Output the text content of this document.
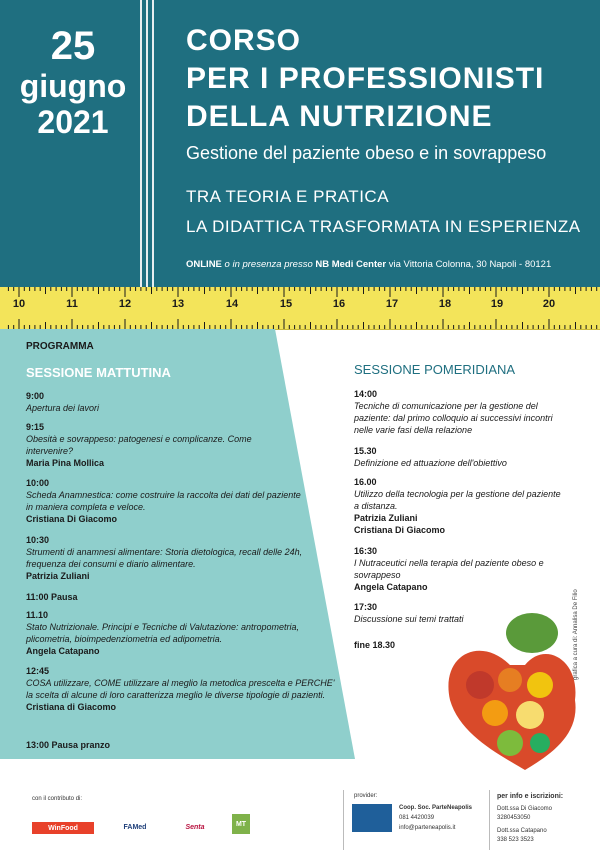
25
giugno
2021
CORSO
PER I PROFESSIONISTI
DELLA NUTRIZIONE
Gestione del paziente obeso e in sovrappeso
TRA TEORIA E PRATICA
LA DIDATTICA TRASFORMATA IN ESPERIENZA
ONLINE o in presenza presso NB Medi Center via Vittoria Colonna, 30 Napoli - 80121
10	11	12	13	14	15	16	17	18	19	20
PROGRAMMA
SESSIONE MATTUTINA	SESSIONE POMERIDIANA
9:00
Apertura dei lavori
9:15
Obesità e sovrappeso: patogenesi e complicanze. Come intervenire?
Maria Pina Mollica
10:00
Scheda Anamnestica: come costruire la raccolta dei dati del paziente in maniera completa e veloce.
Cristiana Di Giacomo
10:30
Strumenti di anamnesi alimentare: Storia dietologica, recall delle 24h, frequenza dei consumi e diario alimentare.
Patrizia Zuliani
11:00 Pausa
11.10
Stato Nutrizionale. Principi e Tecniche di Valutazione: antropometria, plicometria, bioimpedenziometria ed adipometria.
Angela Catapano
12:45
COSA utilizzare, COME utilizzare al meglio la metodica prescelta e PERCHE' la scelta di alcune di loro caratterizza meglio le diverse tipologie di pazienti.
Cristiana di Giacomo
13:00 Pausa pranzo
14:00
Tecniche di comunicazione per la gestione del paziente: dal primo colloquio ai successivi incontri nelle varie fasi della relazione
15.30
Definizione ed attuazione dell'obiettivo
16.00
Utilizzo della tecnologia per la gestione del paziente a distanza.
Patrizia Zuliani
Cristiana Di Giacomo
16:30
I Nutraceutici nella terapia del paziente obeso e sovrappeso
Angela Catapano
17:30
Discussione sui temi trattati
fine 18.30	grafica a cura di: Annalisa De Filio
con il contributo di:
WinFood	FAMed	Senta	MT
provider:
Coop. Soc. ParteNeapolis
081 4420039
info@parteneapolis.it
per info e iscrizioni:
Dott.ssa Di Giacomo
3280453050
Dott.ssa Catapano
338 523 3523
